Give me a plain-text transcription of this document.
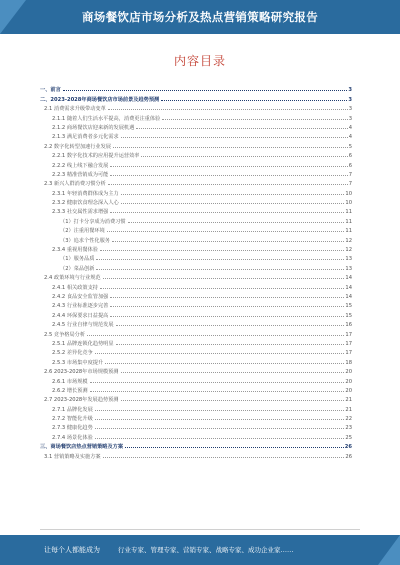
商场餐饮店市场分析及热点营销策略研究报告
内容目录
一、前言	3
二、2023-2028年商场餐饮店市场前景及趋势预测	3
2.1 消费需求升级带动变革	3
2.1.1 随着人们生活水平提高，消费更注重体验	3
2.1.2 商场餐饮店迎来新的发展机遇	4
2.1.3 满足消费者多元化需求	4
2.2 数字化转型加速行业发展	5
2.2.1 数字化技术的应用提升运营效率	6
2.2.2 线上线下融合发展	6
2.2.3 精准营销成为可能	7
2.3 新兴人群消费习惯分析	7
2.3.1 年轻消费群体成为主力	10
2.3.2 健康饮食理念深入人心	10
2.3.3 社交属性需求增强	11
（1）打卡分享成为消费习惯	11
（2）注重用餐环境	11
（3）追求个性化服务	12
2.3.4 重视用餐体验	12
（1）服务品质	13
（2）菜品创新	13
2.4 政策环境与行业规范	14
2.4.1 相关政策支持	14
2.4.2 食品安全监管加强	14
2.4.3 行业标准逐步完善	15
2.4.4 环保要求日益提高	15
2.4.5 行业自律与规范发展	16
2.5 竞争格局分析	17
2.5.1 品牌连锁化趋势明显	17
2.5.2 差异化竞争	17
2.5.3 市场集中度提升	18
2.6 2023-2028年市场规模预测	20
2.6.1 市场规模	20
2.6.2 增长预测	20
2.7 2023-2028年发展趋势预测	21
2.7.1 品牌化发展	21
2.7.2 智能化升级	22
2.7.3 健康化趋势	23
2.7.4 场景化体验	25
三、商场餐饮店热点营销策略及方案	26
3.1 营销策略及实施方案	26
让每个人都能成为	行业专家、管理专家、营销专家、战略专家、成功企业家……
